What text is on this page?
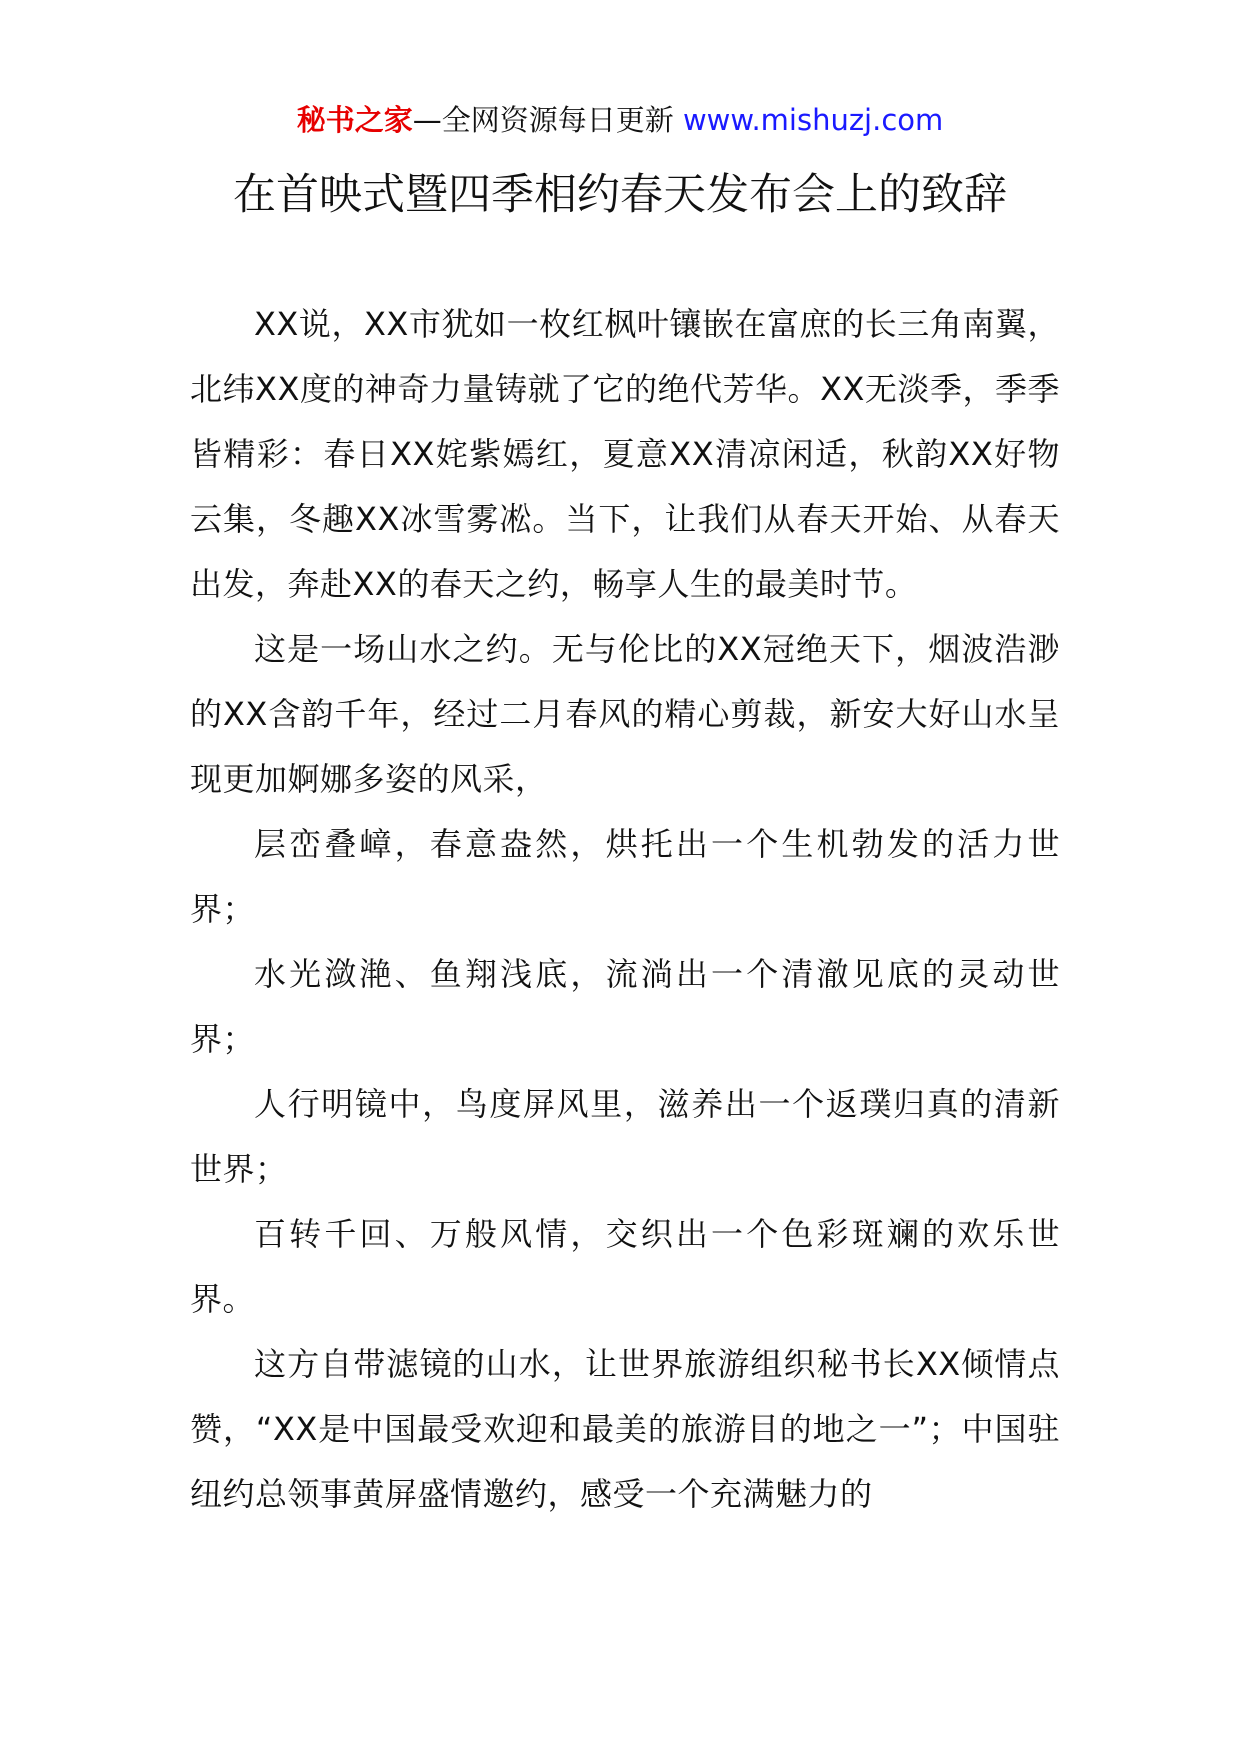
秘书之家—全网资源每日更新 www.mishuzj.com
在首映式暨四季相约春天发布会上的致辞

XX说，XX市犹如一枚红枫叶镶嵌在富庶的长三角南翼，北纬XX度的神奇力量铸就了它的绝代芳华。XX无淡季，季季皆精彩：春日XX姹紫嫣红，夏意XX清凉闲适，秋韵XX好物云集，冬趣XX冰雪雾凇。当下，让我们从春天开始、从春天出发，奔赴XX的春天之约，畅享人生的最美时节。

这是一场山水之约。无与伦比的XX冠绝天下，烟波浩渺的XX含韵千年，经过二月春风的精心剪裁，新安大好山水呈现更加婀娜多姿的风采，

层峦叠嶂，春意盎然，烘托出一个生机勃发的活力世界；

水光潋滟、鱼翔浅底，流淌出一个清澈见底的灵动世界；

人行明镜中，鸟度屏风里，滋养出一个返璞归真的清新世界；

百转千回、万般风情，交织出一个色彩斑斓的欢乐世界。

这方自带滤镜的山水，让世界旅游组织秘书长XX倾情点赞，“XX是中国最受欢迎和最美的旅游目的地之一”；中国驻纽约总领事黄屏盛情邀约，感受一个充满魅力的
